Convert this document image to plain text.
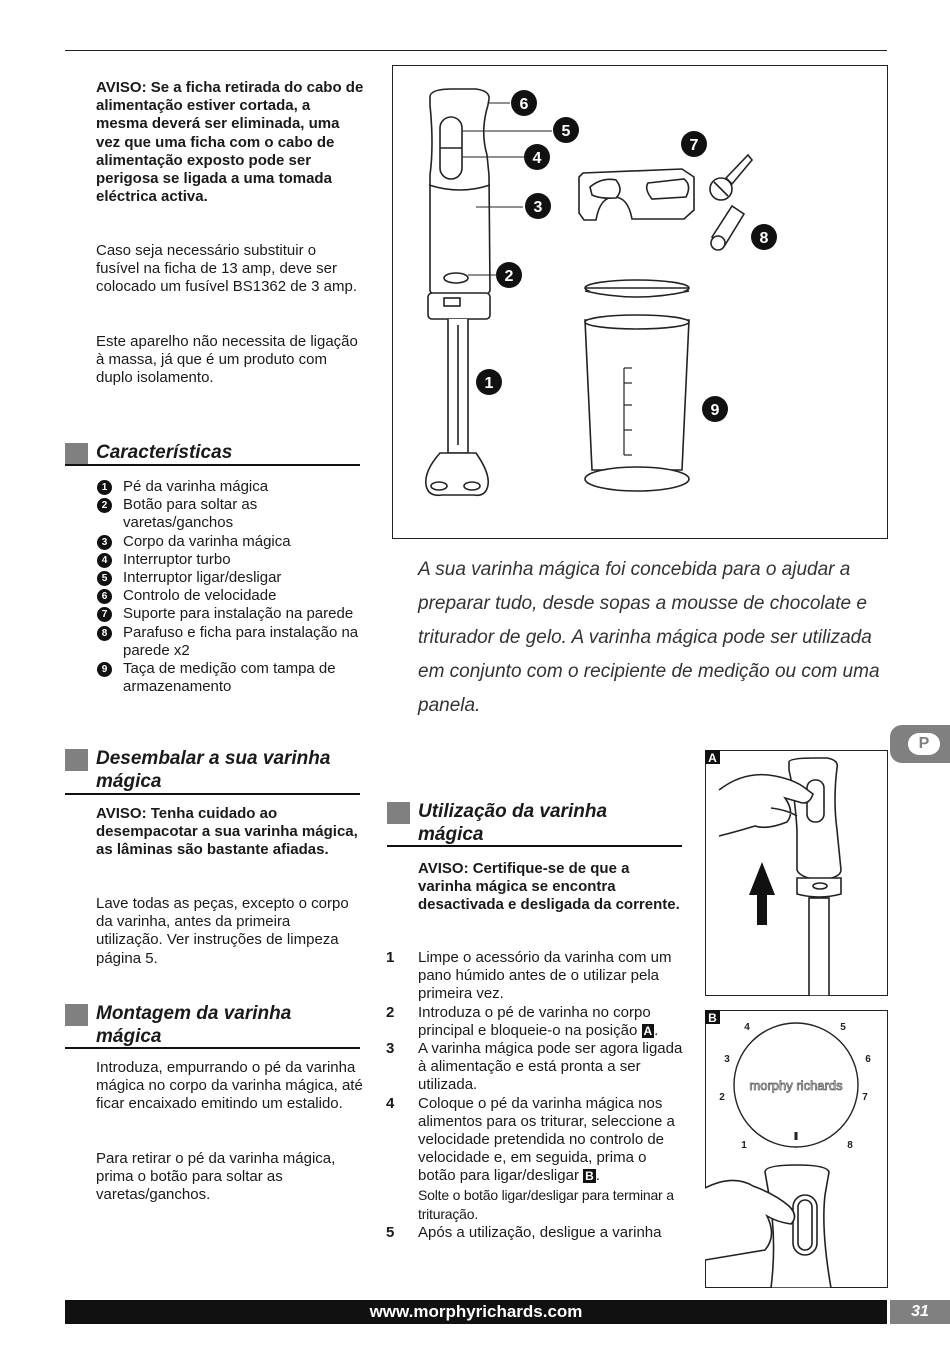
AVISO: Se a ficha retirada do cabo de alimentação estiver cortada, a mesma deverá ser eliminada, uma vez que uma ficha com o cabo de alimentação exposto pode ser perigosa se ligada a uma tomada eléctrica activa.

Caso seja necessário substituir o fusível na ficha de 13 amp, deve ser colocado um fusível BS1362 de 3 amp.

Este aparelho não necessita de ligação à massa, já que é um produto com duplo isolamento.

Características

1	Pé da varinha mágica
2	Botão para soltar as varetas/ganchos
3	Corpo da varinha mágica
4	Interruptor turbo
5	Interruptor ligar/desligar
6	Controlo de velocidade
7	Suporte para instalação na parede
8	Parafuso e ficha para instalação na parede x2
9	Taça de medição com tampa de armazenamento

Desembalar a sua varinha mágica

AVISO: Tenha cuidado ao desempacotar a sua varinha mágica, as lâminas são bastante afiadas.

Lave todas as peças, excepto o corpo da varinha, antes da primeira utilização. Ver instruções de limpeza página 5.

Montagem da varinha mágica

Introduza, empurrando o pé da varinha mágica no corpo da varinha mágica, até ficar encaixado emitindo um estalido.

Para retirar o pé da varinha mágica, prima o botão para soltar as varetas/ganchos.

6
5
4
3
2
1
7
8
9

A sua varinha mágica foi concebida para o ajudar a preparar tudo, desde sopas a mousse de chocolate e triturador de gelo. A varinha mágica pode ser utilizada em conjunto com o recipiente de medição ou com uma panela.

P

Utilização da varinha mágica

AVISO: Certifique-se de que a varinha mágica se encontra desactivada e desligada da corrente.

1 Limpe o acessório da varinha com um pano húmido antes de o utilizar pela primeira vez.
2 Introduza o pé de varinha no corpo principal e bloqueie-o na posição A .
3 A varinha mágica pode ser agora ligada à alimentação e está pronta a ser utilizada.
4 Coloque o pé da varinha mágica nos alimentos para os triturar, seleccione a velocidade pretendida no controlo de velocidade e, em seguida, prima o botão para ligar/desligar B .
Solte o botão ligar/desligar para terminar a trituração.
5 Após a utilização, desligue a varinha
A
B
morphy richards
1
2
3
4	5
6
7
8
www.morphyrichards.com	31
